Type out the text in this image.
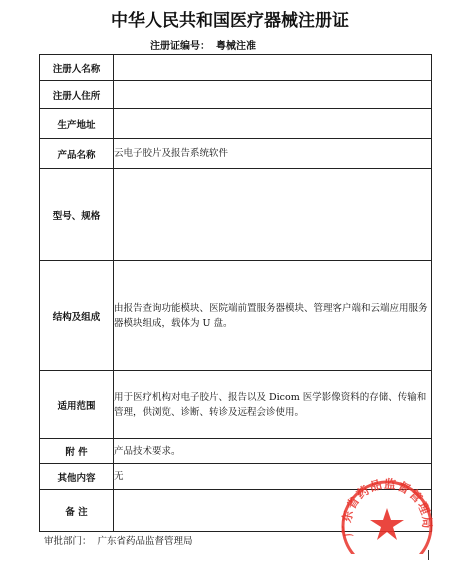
中华人民共和国医疗器械注册证
注册证编号： 粤械注准
注册人名称	
注册人住所	
生产地址	
产品名称	云电子胶片及报告系统软件
型号、规格	
结构及组成	由报告查询功能模块、医院端前置服务器模块、管理客户端和云端应用服务器模块组成，载体为 U 盘。
适用范围	用于医疗机构对电子胶片、报告以及 Dicom 医学影像资料的存储、传输和管理，供浏览、诊断、转诊及远程会诊使用。
附 件	产品技术要求。
其他内容	无
备 注	
审批部门： 广东省药品监督管理局
广东省药品监督管理局
